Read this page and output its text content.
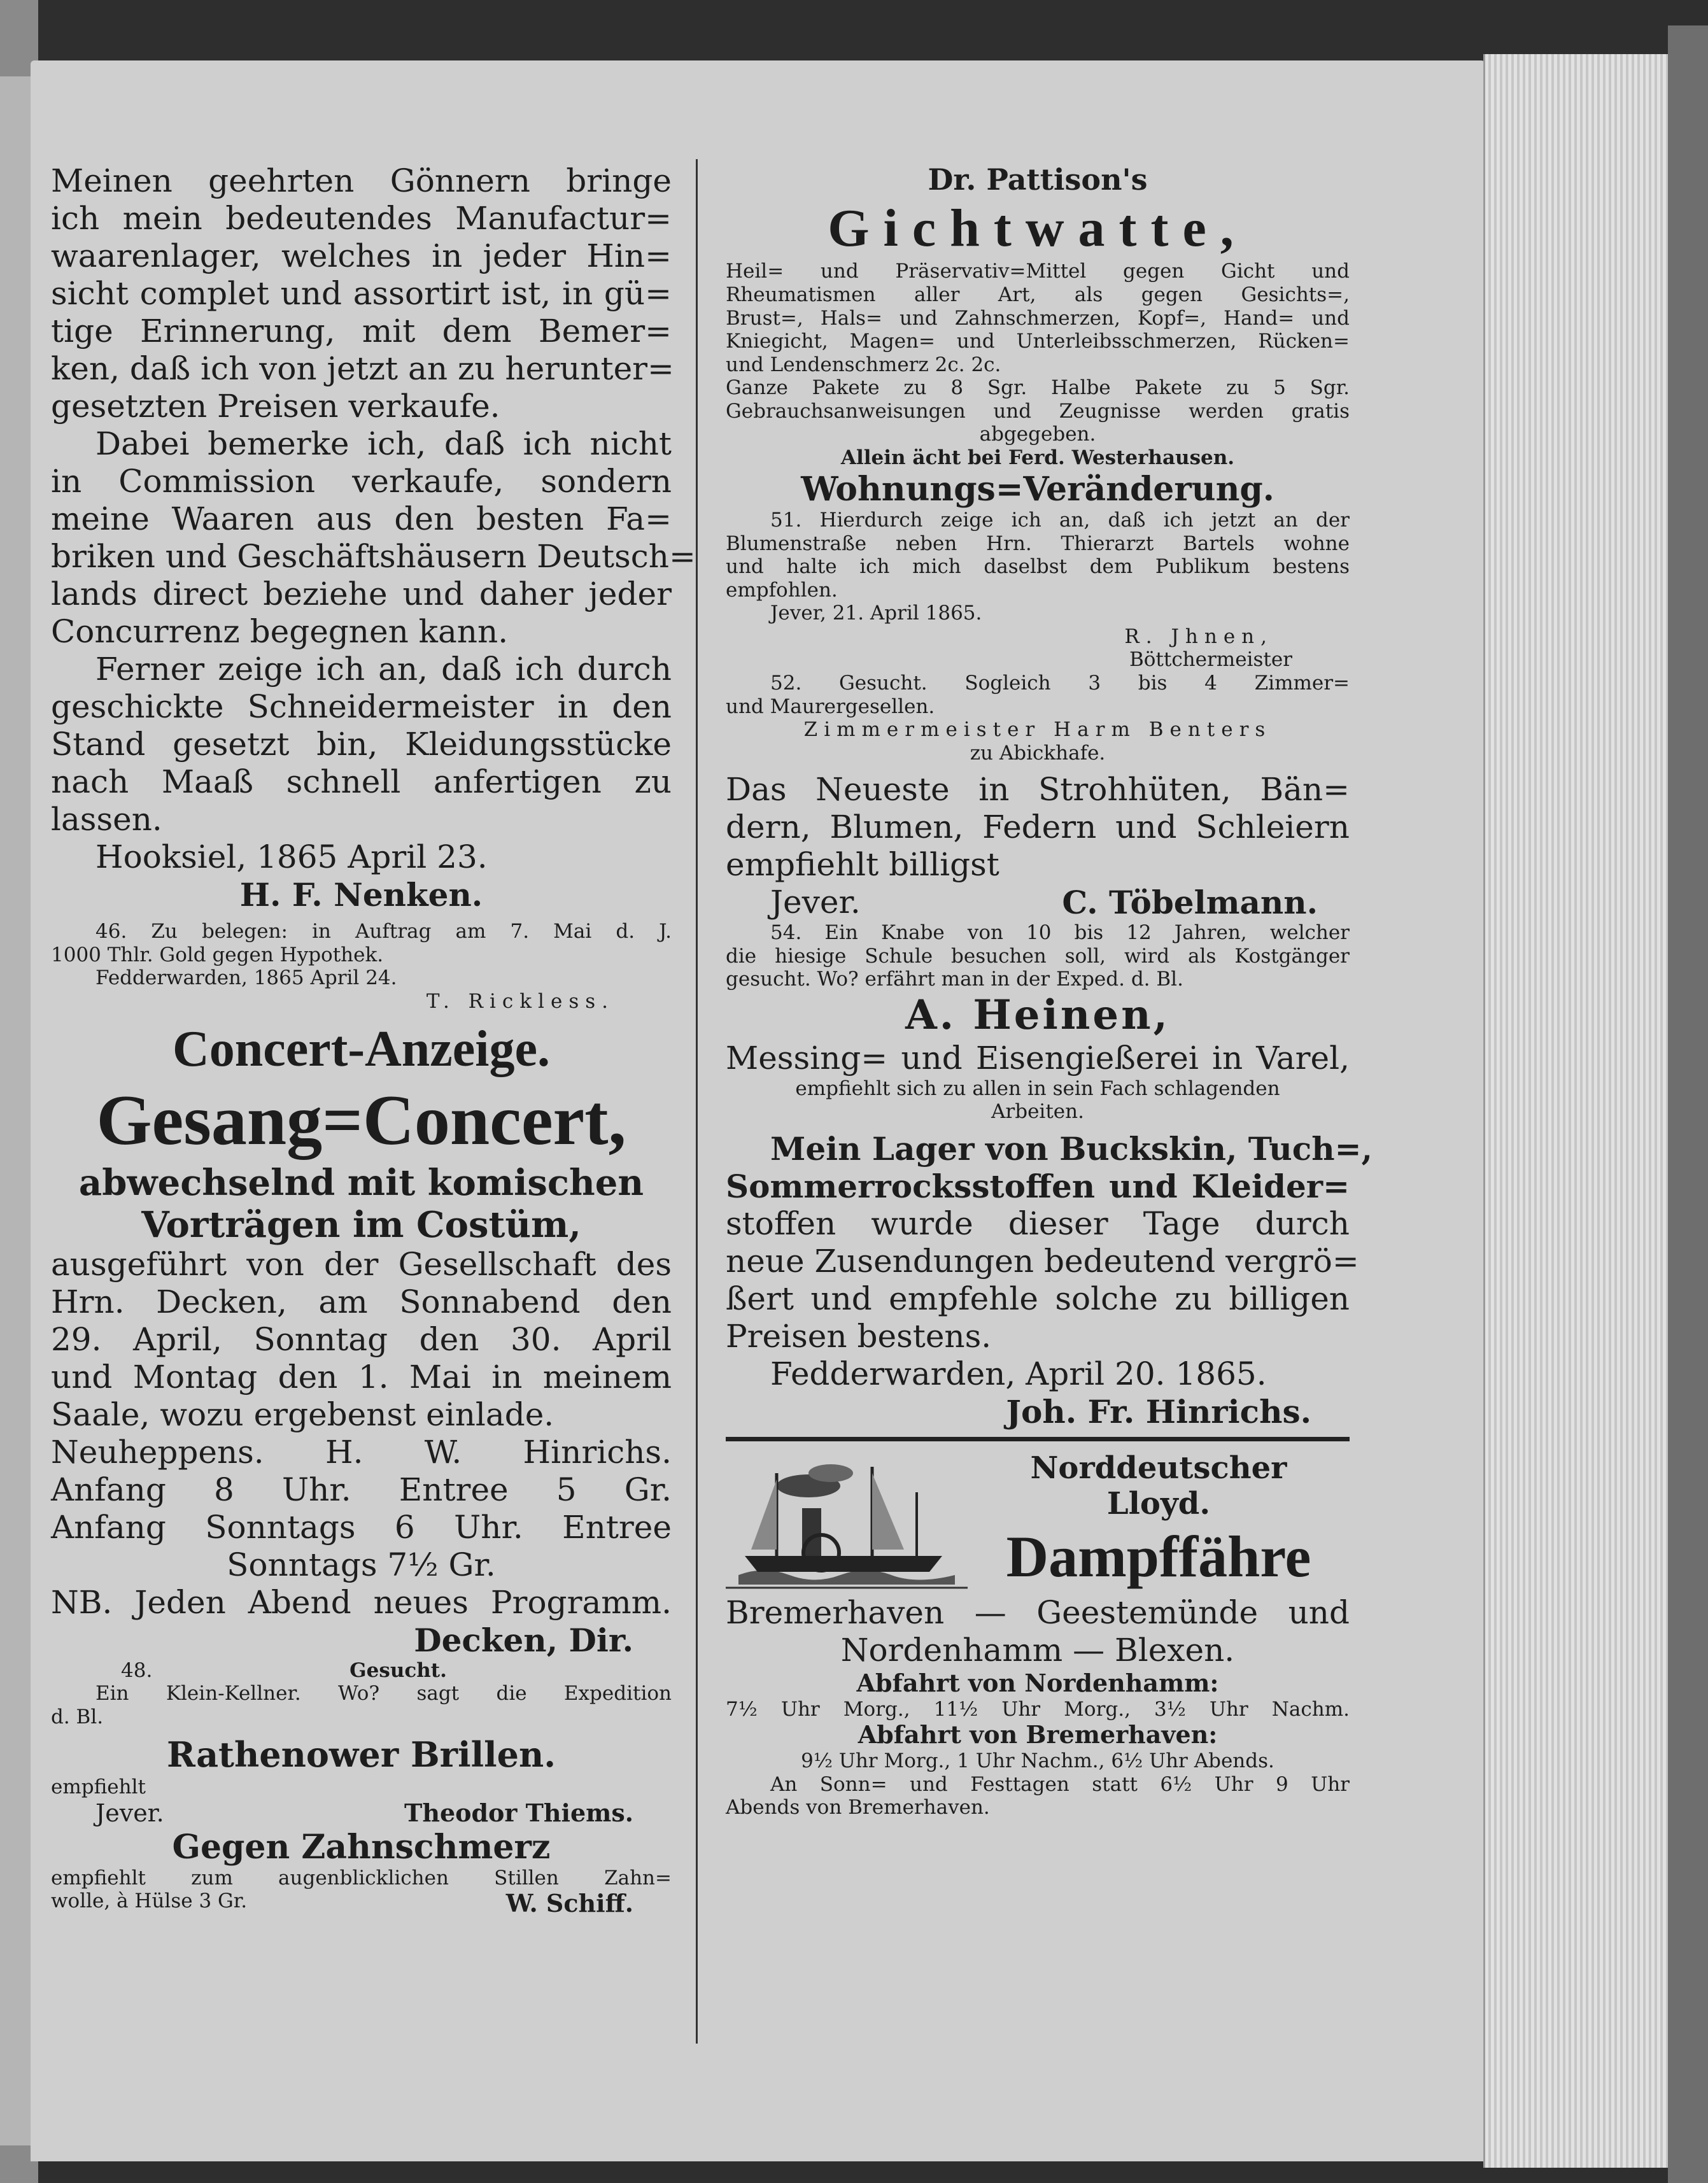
Meinen geehrten Gönnern bringe
ich mein bedeutendes Manufactur=
waarenlager, welches in jeder Hin=
sicht complet und assortirt ist, in gü=
tige Erinnerung, mit dem Bemer=
ken, daß ich von jetzt an zu herunter=
gesetzten Preisen verkaufe.
Dabei bemerke ich, daß ich nicht
in Commission verkaufe, sondern
meine Waaren aus den besten Fa=
briken und Geschäftshäusern Deutsch=
lands direct beziehe und daher jeder
Concurrenz begegnen kann.
Ferner zeige ich an, daß ich durch
geschickte Schneidermeister in den
Stand gesetzt bin, Kleidungsstücke
nach Maaß schnell anfertigen zu
lassen.
Hooksiel, 1865 April 23.
H. F. Nenken.
46. Zu belegen: in Auftrag am 7. Mai d. J.
1000 Thlr. Gold gegen Hypothek.
Fedderwarden, 1865 April 24.
T. Rickless.
Concert-Anzeige.
Gesang=Concert,
abwechselnd mit komischen
Vorträgen im Costüm,
ausgeführt von der Gesellschaft des
Hrn. Decken, am Sonnabend den
29. April, Sonntag den 30. April
und Montag den 1. Mai in meinem
Saale, wozu ergebenst einlade.
Neuheppens. H. W. Hinrichs.
Anfang 8 Uhr. Entree 5 Gr.
Anfang Sonntags 6 Uhr. Entree
Sonntags 7½ Gr.
NB. Jeden Abend neues Programm.
Decken, Dir.
48.	Gesucht.
Ein Klein-Kellner. Wo? sagt die Expedition
d. Bl.
Rathenower Brillen.
empfiehlt
Jever.	Theodor Thiems.
Gegen Zahnschmerz
empfiehlt zum augenblicklichen Stillen Zahn=
wolle, à Hülse 3 Gr.	W. Schiff.
Dr. Pattison's
Gichtwatte,
Heil= und Präservativ=Mittel gegen Gicht und
Rheumatismen aller Art, als gegen Gesichts=,
Brust=, Hals= und Zahnschmerzen, Kopf=, Hand= und
Kniegicht, Magen= und Unterleibsschmerzen, Rücken=
und Lendenschmerz 2c. 2c.
Ganze Pakete zu 8 Sgr. Halbe Pakete zu 5 Sgr.
Gebrauchsanweisungen und Zeugnisse werden gratis
abgegeben.
Allein ächt bei Ferd. Westerhausen.
Wohnungs=Veränderung.
51. Hierdurch zeige ich an, daß ich jetzt an der
Blumenstraße neben Hrn. Thierarzt Bartels wohne
und halte ich mich daselbst dem Publikum bestens
empfohlen.
Jever, 21. April 1865.
R. Jhnen,
Böttchermeister
52. Gesucht. Sogleich 3 bis 4 Zimmer=
und Maurergesellen.
Zimmermeister Harm Benters
zu Abickhafe.
Das Neueste in Strohhüten, Bän=
dern, Blumen, Federn und Schleiern
empfiehlt billigst
Jever.	C. Töbelmann.
54. Ein Knabe von 10 bis 12 Jahren, welcher
die hiesige Schule besuchen soll, wird als Kostgänger
gesucht. Wo? erfährt man in der Exped. d. Bl.
A. Heinen,
Messing= und Eisengießerei in Varel,
empfiehlt sich zu allen in sein Fach schlagenden
Arbeiten.
Mein Lager von Buckskin, Tuch=,
Sommerrocksstoffen und Kleider=
stoffen wurde dieser Tage durch
neue Zusendungen bedeutend vergrö=
ßert und empfehle solche zu billigen
Preisen bestens.
Fedderwarden, April 20. 1865.
Joh. Fr. Hinrichs.
Norddeutscher
Lloyd.
Dampffähre
Bremerhaven — Geestemünde und
Nordenhamm — Blexen.
Abfahrt von Nordenhamm:
7½ Uhr Morg., 11½ Uhr Morg., 3½ Uhr Nachm.
Abfahrt von Bremerhaven:
9½ Uhr Morg., 1 Uhr Nachm., 6½ Uhr Abends.
An Sonn= und Festtagen statt 6½ Uhr 9 Uhr
Abends von Bremerhaven.
